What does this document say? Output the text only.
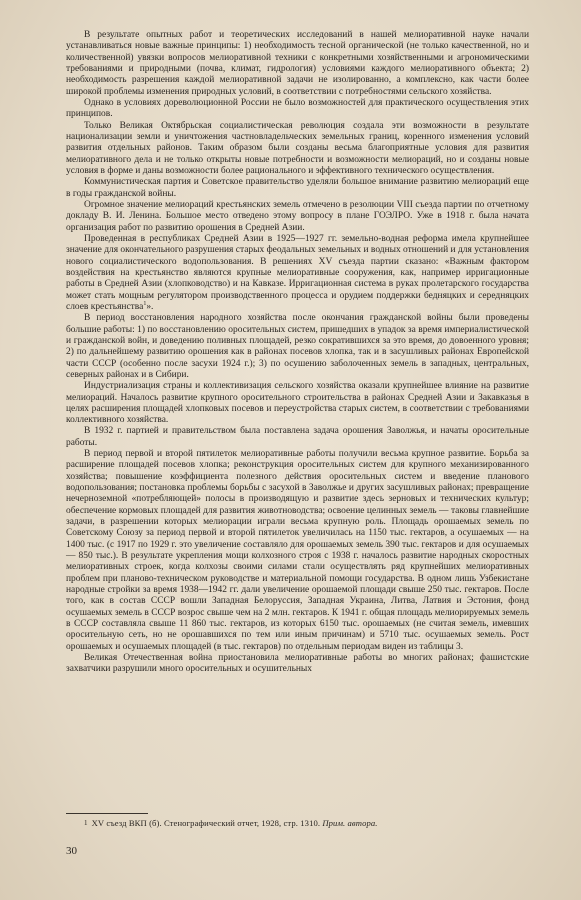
В результате опытных работ и теоретических исследований в нашей мелиоративной науке начали устанавливаться новые важные принципы: 1) необходимость тесной органической (не только качественной, но и количественной) увязки вопросов мелиоративной техники с конкретными хозяйственными и агрономическими требованиями и природными (почва, климат, гидрология) условиями каждого мелиоративного объекта; 2) необходимость разрешения каждой мелиоративной задачи не изолированно, а комплексно, как части более широкой проблемы изменения природных условий, в соответствии с потребностями сельского хозяйства.

Однако в условиях дореволюционной России не было возможностей для практического осуществления этих принципов.

Только Великая Октябрьская социалистическая революция создала эти возможности в результате национализации земли и уничтожения частновладельческих земельных границ, коренного изменения условий развития отдельных районов. Таким образом были созданы весьма благоприятные условия для развития мелиоративного дела и не только открыты новые потребности и возможности мелиораций, но и созданы новые условия в форме и даны возможности более рационального и эффективного технического осуществления.

Коммунистическая партия и Советское правительство уделяли большое внимание развитию мелиораций еще в годы гражданской войны.

Огромное значение мелиораций крестьянских земель отмечено в резолюции VIII съезда партии по отчетному докладу В. И. Ленина. Большое место отведено этому вопросу в плане ГОЭЛРО. Уже в 1918 г. была начата организация работ по развитию орошения в Средней Азии.

Проведенная в республиках Средней Азии в 1925—1927 гг. земельно-водная реформа имела крупнейшее значение для окончательного разрушения старых феодальных земельных и водных отношений и для установления нового социалистического водопользования. В решениях XV съезда партии сказано: «Важным фактором воздействия на крестьянство являются крупные мелиоративные сооружения, как, например ирригационные работы в Средней Азии (хлопководство) и на Кавказе. Ирригационная система в руках пролетарского государства может стать мощным регулятором производственного процесса и орудием поддержки бедняцких и середняцких слоев крестьянства$^1$».

В период восстановления народного хозяйства после окончания гражданской войны были проведены большие работы: 1) по восстановлению оросительных систем, пришедших в упадок за время империалистической и гражданской войн, и доведению поливных площадей, резко сократившихся за это время, до довоенного уровня; 2) по дальнейшему развитию орошения как в районах посевов хлопка, так и в засушливых районах Европейской части СССР (особенно после засухи 1924 г.); 3) по осушению заболоченных земель в западных, центральных, северных районах и в Сибири.

Индустриализация страны и коллективизация сельского хозяйства оказали крупнейшее влияние на развитие мелиораций. Началось развитие крупного оросительного строительства в районах Средней Азии и Закавказья в целях расширения площадей хлопковых посевов и переустройства старых систем, в соответствии с требованиями коллективного хозяйства.

В 1932 г. партией и правительством была поставлена задача орошения Заволжья, и начаты оросительные работы.

В период первой и второй пятилеток мелиоративные работы получили весьма крупное развитие. Борьба за расширение площадей посевов хлопка; реконструкция оросительных систем для крупного механизированного хозяйства; повышение коэффициента полезного действия оросительных систем и введение планового водопользования; постановка проблемы борьбы с засухой в Заволжье и других засушливых районах; превращение нечерноземной «потребляющей» полосы в производящую и развитие здесь зерновых и технических культур; обеспечение кормовых площадей для развития животноводства; освоение целинных земель — таковы главнейшие задачи, в разрешении которых мелиорации играли весьма крупную роль. Площадь орошаемых земель по Советскому Союзу за период первой и второй пятилеток увеличилась на 1150 тыс. гектаров, а осушаемых — на 1400 тыс. (с 1917 по 1929 г. это увеличение составляло для орошаемых земель 390 тыс. гектаров и для осушаемых — 850 тыс.). В результате укрепления мощи колхозного строя с 1938 г. началось развитие народных скоростных мелиоративных строек, когда колхозы своими силами стали осуществлять ряд крупнейших мелиоративных проблем при планово-техническом руководстве и материальной помощи государства. В одном лишь Узбекистане народные стройки за время 1938—1942 гг. дали увеличение орошаемой площади свыше 250 тыс. гектаров. После того, как в состав СССР вошли Западная Белоруссия, Западная Украина, Литва, Латвия и Эстония, фонд осушаемых земель в СССР возрос свыше чем на 2 млн. гектаров. К 1941 г. общая площадь мелиорируемых земель в СССР составляла свыше 11 860 тыс. гектаров, из которых 6150 тыс. орошаемых (не считая земель, имевших оросительную сеть, но не орошавшихся по тем или иным причинам) и 5710 тыс. осушаемых земель. Рост орошаемых и осушаемых площадей (в тыс. гектаров) по отдельным периодам виден из таблицы 3.

Великая Отечественная война приостановила мелиоративные работы во многих районах; фашистские захватчики разрушили много оросительных и осушительных

$^1$ XV съезд ВКП (б). Стенографический отчет, 1928, стр. 1310. Прим. автора.
30
